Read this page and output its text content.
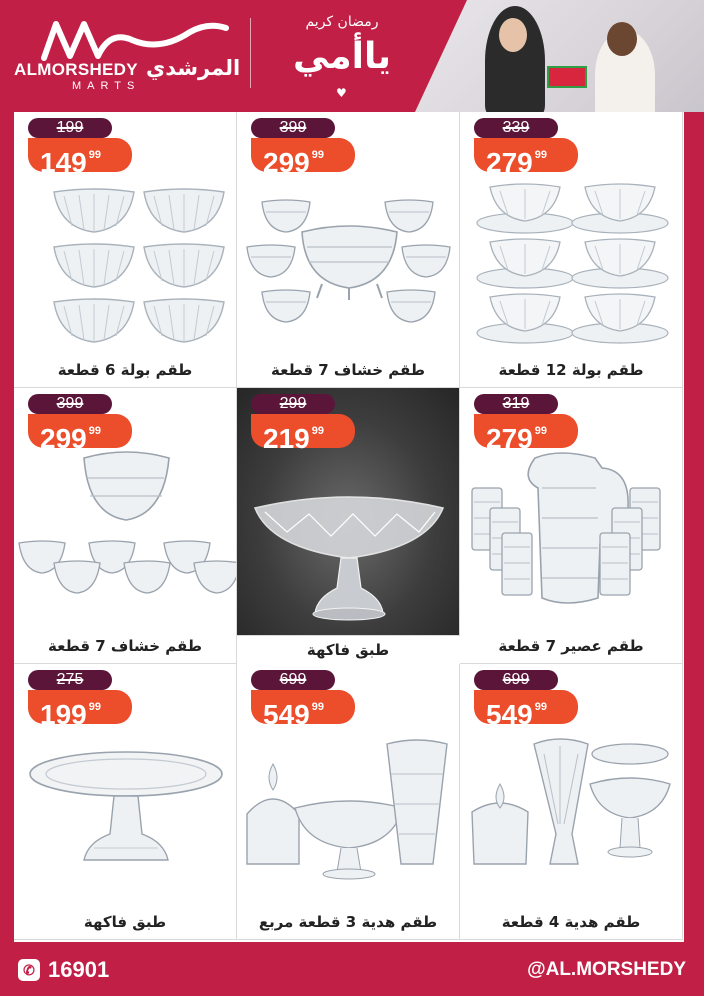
ALMORSHEDY المرشدي
MARTS
رمضان كريم
ياأمي
♥
199
149 $^{99}$
طقم بولة 6 قطعة
399
299 $^{99}$
طقم خشاف 7 قطعة
339
279 $^{99}$
طقم بولة 12 قطعة
399
299 $^{99}$
طقم خشاف 7 قطعة
299
219 $^{99}$
طبق فاكهة
319
279 $^{99}$
طقم عصير 7 قطعة
275
199 $^{99}$
طبق فاكهة
699
549 $^{99}$
طقم هدية 3 قطعة مربع
699
549 $^{99}$
طقم هدية 4 قطعة
✆ 16901	@AL.MORSHEDY
